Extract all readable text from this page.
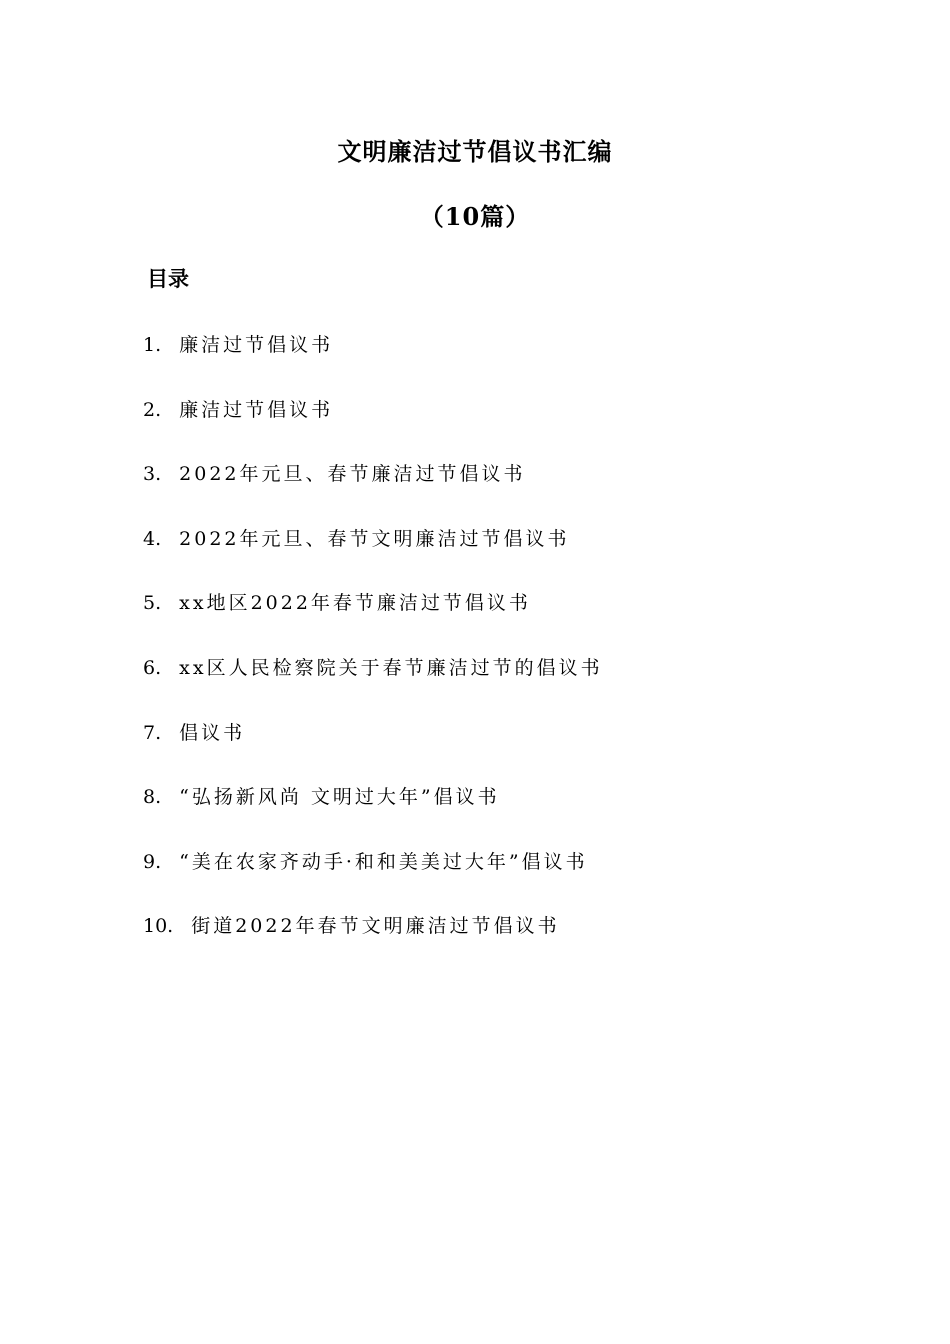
文明廉洁过节倡议书汇编
（10篇）
目录
1. 廉洁过节倡议书
2. 廉洁过节倡议书
3. 2022年元旦、春节廉洁过节倡议书
4. 2022年元旦、春节文明廉洁过节倡议书
5. xx地区2022年春节廉洁过节倡议书
6. xx区人民检察院关于春节廉洁过节的倡议书
7. 倡议书
8. “弘扬新风尚 文明过大年”倡议书
9. “美在农家齐动手·和和美美过大年”倡议书
10. 街道2022年春节文明廉洁过节倡议书
